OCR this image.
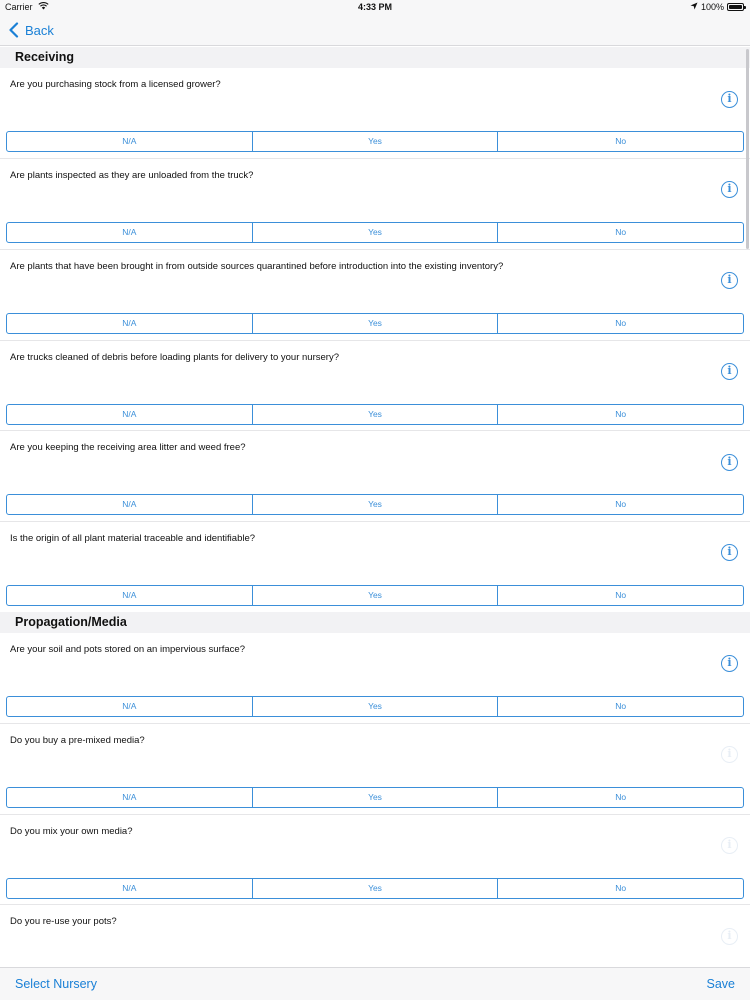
Carrier	4:33 PM	100%
Back
Receiving
Are you purchasing stock from a licensed grower?
i
N/A	Yes	No
Are plants inspected as they are unloaded from the truck?
i
N/A	Yes	No
Are plants that have been brought in from outside sources quarantined before introduction into the existing inventory?
i
N/A	Yes	No
Are trucks cleaned of debris before loading plants for delivery to your nursery?
i
N/A	Yes	No
Are you keeping the receiving area litter and weed free?
i
N/A	Yes	No
Is the origin of all plant material traceable and identifiable?
i
N/A	Yes	No
Propagation/Media
Are your soil and pots stored on an impervious surface?
i
N/A	Yes	No
Do you buy a pre-mixed media?
i
N/A	Yes	No
Do you mix your own media?
i
N/A	Yes	No
Do you re-use your pots?
i
Select Nursery	Save
